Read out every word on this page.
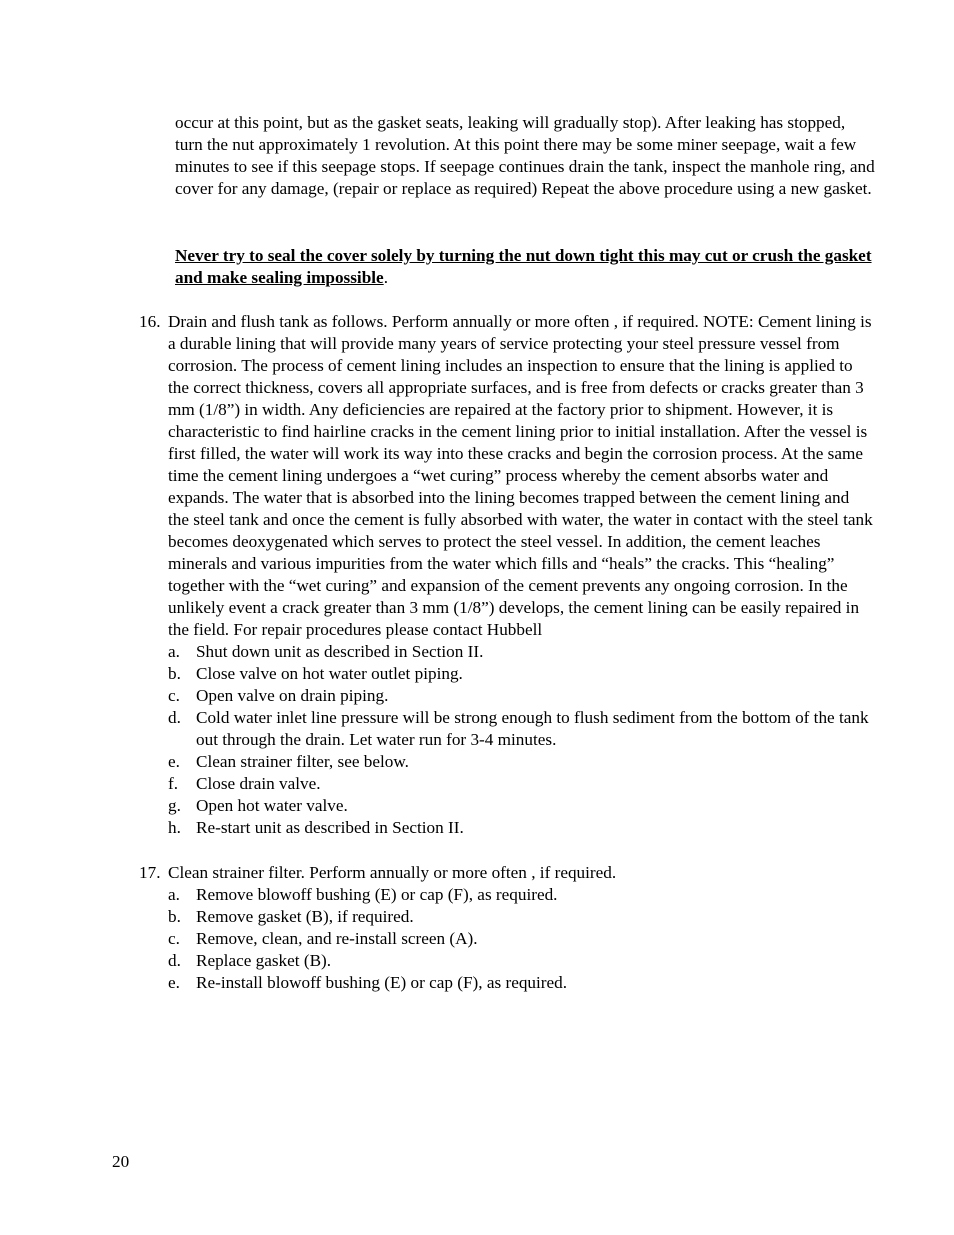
occur at this point, but as the gasket seats, leaking will gradually stop). After leaking has stopped, turn the nut approximately 1 revolution. At this point there may be some miner seepage, wait a few minutes to see if this seepage stops. If seepage continues drain the tank, inspect the manhole ring, and cover for any damage, (repair or replace as required) Repeat the above procedure using a new gasket.
Never try to seal the cover solely by turning the nut down tight this may cut or crush the gasket and make sealing impossible.
16. Drain and flush tank as follows. Perform annually or more often , if required. NOTE: Cement lining is a durable lining that will provide many years of service protecting your steel pressure vessel from corrosion. The process of cement lining includes an inspection to ensure that the lining is applied to the correct thickness, covers all appropriate surfaces, and is free from defects or cracks greater than 3 mm (1/8”) in width. Any deficiencies are repaired at the factory prior to shipment. However, it is characteristic to find hairline cracks in the cement lining prior to initial installation. After the vessel is first filled, the water will work its way into these cracks and begin the corrosion process. At the same time the cement lining undergoes a “wet curing” process whereby the cement absorbs water and expands. The water that is absorbed into the lining becomes trapped between the cement lining and the steel tank and once the cement is fully absorbed with water, the water in contact with the steel tank becomes deoxygenated which serves to protect the steel vessel. In addition, the cement leaches minerals and various impurities from the water which fills and “heals” the cracks. This “healing” together with the “wet curing” and expansion of the cement prevents any ongoing corrosion. In the unlikely event a crack greater than 3 mm (1/8”) develops, the cement lining can be easily repaired in the field. For repair procedures please contact Hubbell
a. Shut down unit as described in Section II.
b. Close valve on hot water outlet piping.
c. Open valve on drain piping.
d. Cold water inlet line pressure will be strong enough to flush sediment from the bottom of the tank out through the drain. Let water run for 3-4 minutes.
e. Clean strainer filter, see below.
f. Close drain valve.
g. Open hot water valve.
h. Re-start unit as described in Section II.
17. Clean strainer filter. Perform annually or more often , if required.
a. Remove blowoff bushing (E) or cap (F), as required.
b. Remove gasket (B), if required.
c. Remove, clean, and re-install screen (A).
d. Replace gasket (B).
e. Re-install blowoff bushing (E) or cap (F), as required.
20
